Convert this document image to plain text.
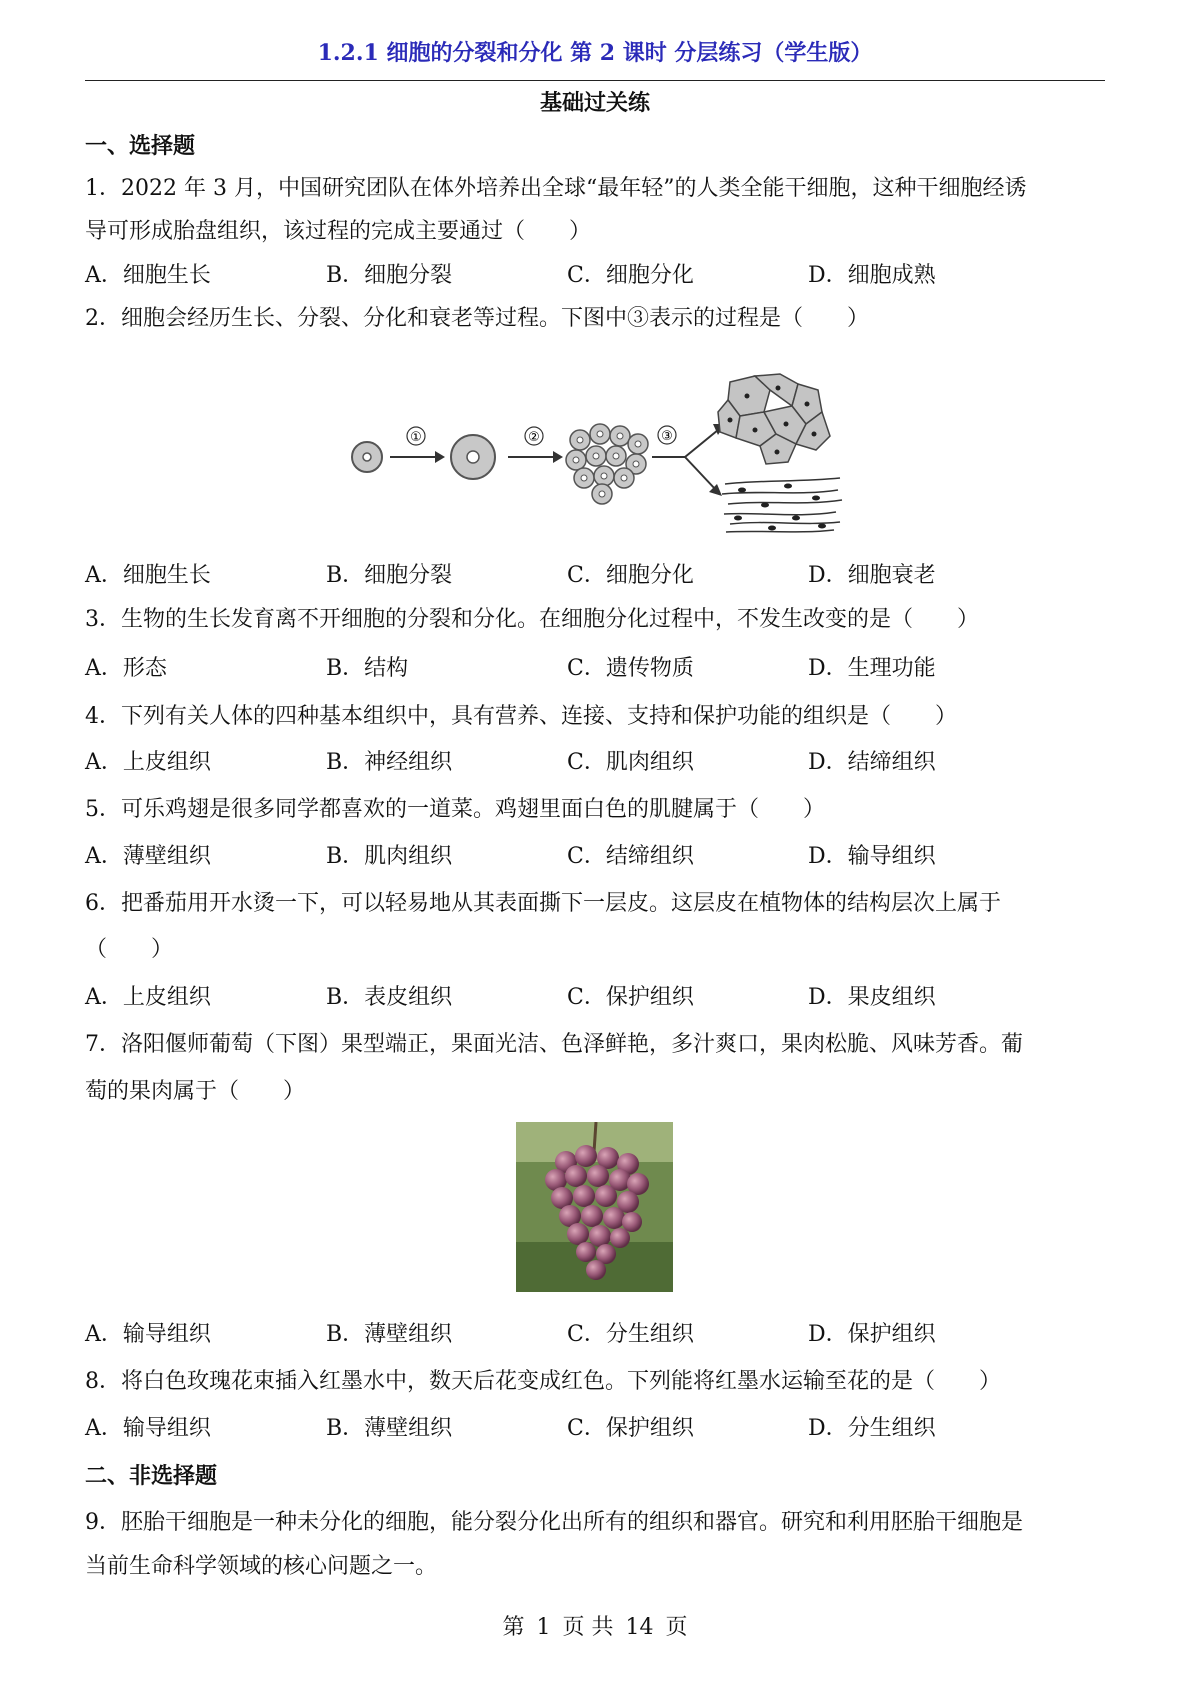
1.2.1 细胞的分裂和分化 第 2 课时 分层练习（学生版）
基础过关练
一、选择题
1．2022 年 3 月，中国研究团队在体外培养出全球“最年轻”的人类全能干细胞，这种干细胞经诱
导可形成胎盘组织，该过程的完成主要通过（　　）
A．细胞生长	B．细胞分裂	C．细胞分化	D．细胞成熟
2．细胞会经历生长、分裂、分化和衰老等过程。下图中③表示的过程是（　　）
①	②	③
A．细胞生长	B．细胞分裂	C．细胞分化	D．细胞衰老
3．生物的生长发育离不开细胞的分裂和分化。在细胞分化过程中，不发生改变的是（　　）
A．形态	B．结构	C．遗传物质	D．生理功能
4．下列有关人体的四种基本组织中，具有营养、连接、支持和保护功能的组织是（　　）
A．上皮组织	B．神经组织	C．肌肉组织	D．结缔组织
5．可乐鸡翅是很多同学都喜欢的一道菜。鸡翅里面白色的肌腱属于（　　）
A．薄壁组织	B．肌肉组织	C．结缔组织	D．输导组织
6．把番茄用开水烫一下，可以轻易地从其表面撕下一层皮。这层皮在植物体的结构层次上属于
（　　）
A．上皮组织	B．表皮组织	C．保护组织	D．果皮组织
7．洛阳偃师葡萄（下图）果型端正，果面光洁、色泽鲜艳，多汁爽口，果肉松脆、风味芳香。葡
萄的果肉属于（　　）
A．输导组织	B．薄壁组织	C．分生组织	D．保护组织
8．将白色玫瑰花束插入红墨水中，数天后花变成红色。下列能将红墨水运输至花的是（　　）
A．输导组织	B．薄壁组织	C．保护组织	D．分生组织
二、非选择题
9．胚胎干细胞是一种未分化的细胞，能分裂分化出所有的组织和器官。研究和利用胚胎干细胞是
当前生命科学领域的核心问题之一。
第 1 页 共 14 页
